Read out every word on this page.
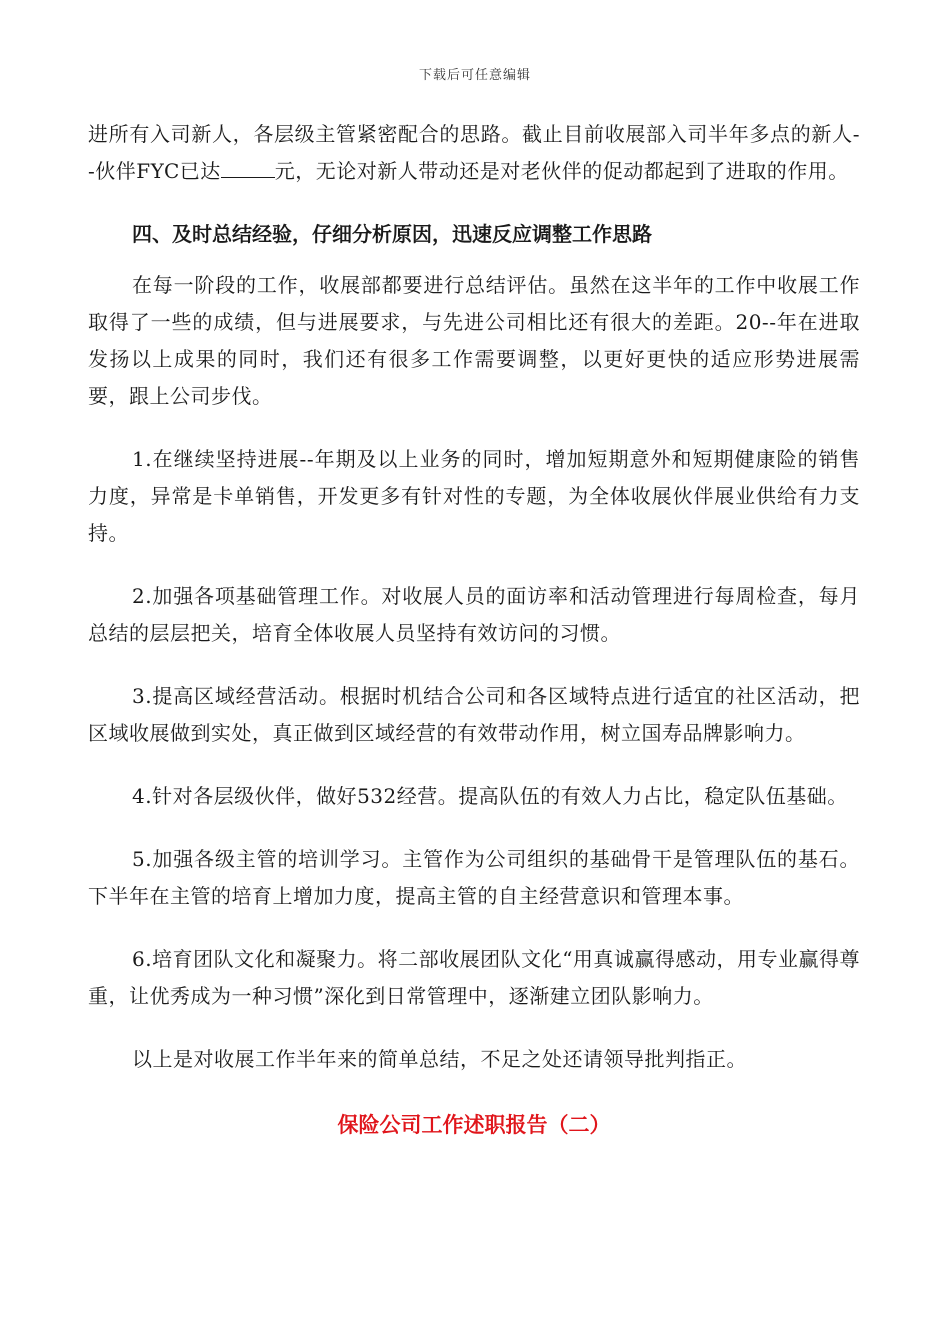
下载后可任意编辑

进所有入司新人，各层级主管紧密配合的思路。截止目前收展部入司半年多点的新人--伙伴FYC已达	元，无论对新人带动还是对老伙伴的促动都起到了进取的作用。

四、及时总结经验，仔细分析原因，迅速反应调整工作思路

在每一阶段的工作，收展部都要进行总结评估。虽然在这半年的工作中收展工作取得了一些的成绩，但与进展要求，与先进公司相比还有很大的差距。20--年在进取发扬以上成果的同时，我们还有很多工作需要调整，以更好更快的适应形势进展需要，跟上公司步伐。

1.在继续坚持进展--年期及以上业务的同时，增加短期意外和短期健康险的销售力度，异常是卡单销售，开发更多有针对性的专题，为全体收展伙伴展业供给有力支持。

2.加强各项基础管理工作。对收展人员的面访率和活动管理进行每周检查，每月总结的层层把关，培育全体收展人员坚持有效访问的习惯。

3.提高区域经营活动。根据时机结合公司和各区域特点进行适宜的社区活动，把区域收展做到实处，真正做到区域经营的有效带动作用，树立国寿品牌影响力。

4.针对各层级伙伴，做好532经营。提高队伍的有效人力占比，稳定队伍基础。

5.加强各级主管的培训学习。主管作为公司组织的基础骨干是管理队伍的基石。下半年在主管的培育上增加力度，提高主管的自主经营意识和管理本事。

6.培育团队文化和凝聚力。将二部收展团队文化“用真诚赢得感动，用专业赢得尊重，让优秀成为一种习惯”深化到日常管理中，逐渐建立团队影响力。

以上是对收展工作半年来的简单总结，不足之处还请领导批判指正。

保险公司工作述职报告（二）
